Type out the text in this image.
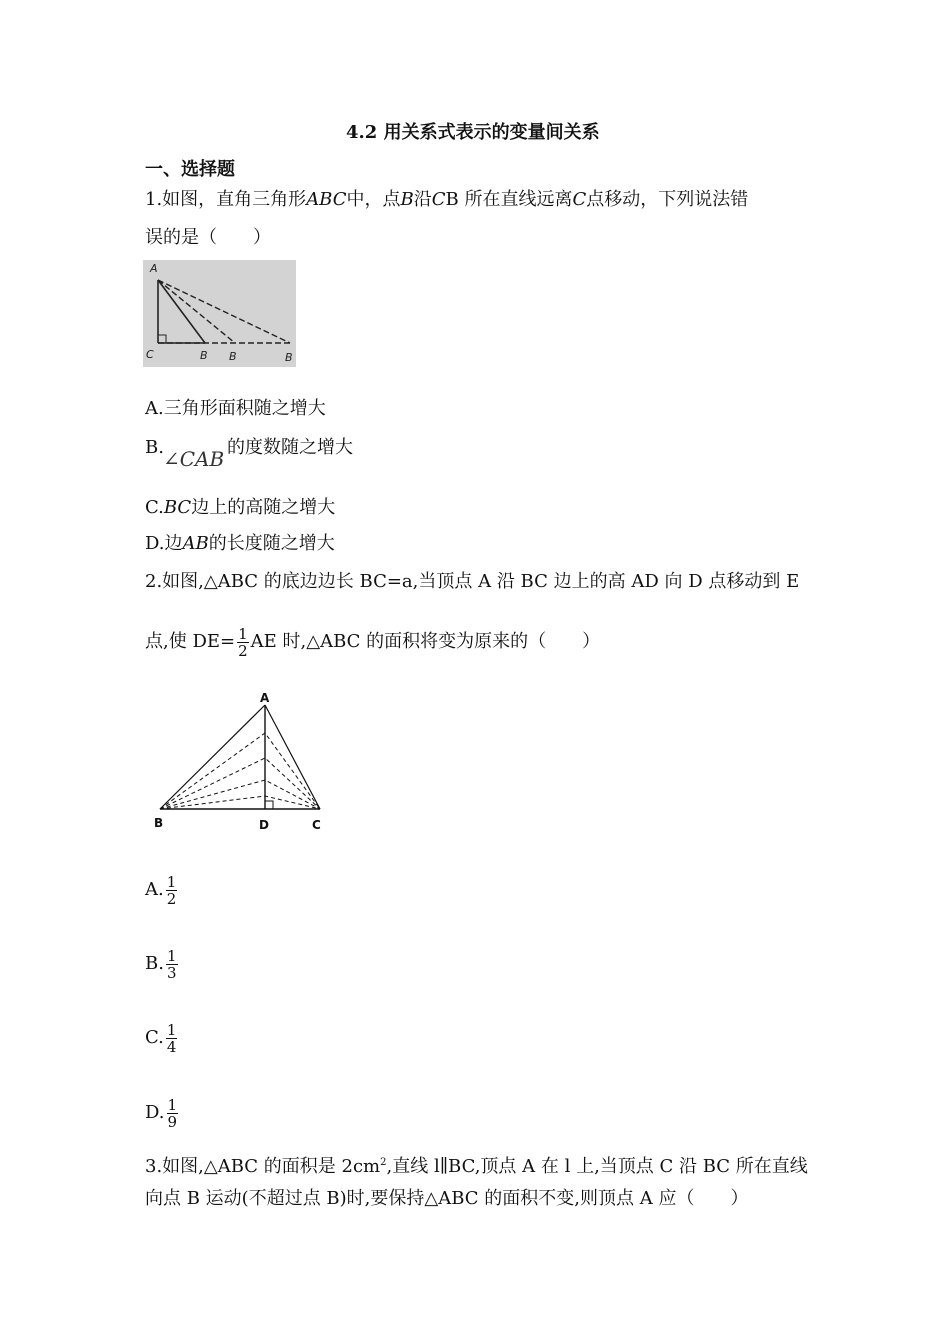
4.2 用关系式表示的变量间关系
一、选择题
1.如图，直角三角形ABC中，点B沿CB 所在直线远离C点移动，下列说法错
误的是（　　）
A
C	B B	B
A.三角形面积随之增大
B. ∠CAB 的度数随之增大
C.BC边上的高随之增大
D.边AB的长度随之增大
2.如图,△ABC 的底边边长 BC=a,当顶点 A 沿 BC 边上的高 AD 向 D 点移动到 E
点,使 $DE= \frac{1}{2}$ AE 时,△ABC 的面积将变为原来的（　　）
A
B	D	C
A. $\frac{1}{2}$
B. $\frac{1}{3}$
C. $\frac{1}{4}$
D. $\frac{1}{9}$
3.如图,△ABC 的面积是 $2cm^2$,直线 l∥BC,顶点 A 在 l 上,当顶点 C 沿 BC 所在直线
向点 B 运动(不超过点 B)时,要保持△ABC 的面积不变,则顶点 A 应（　　）
